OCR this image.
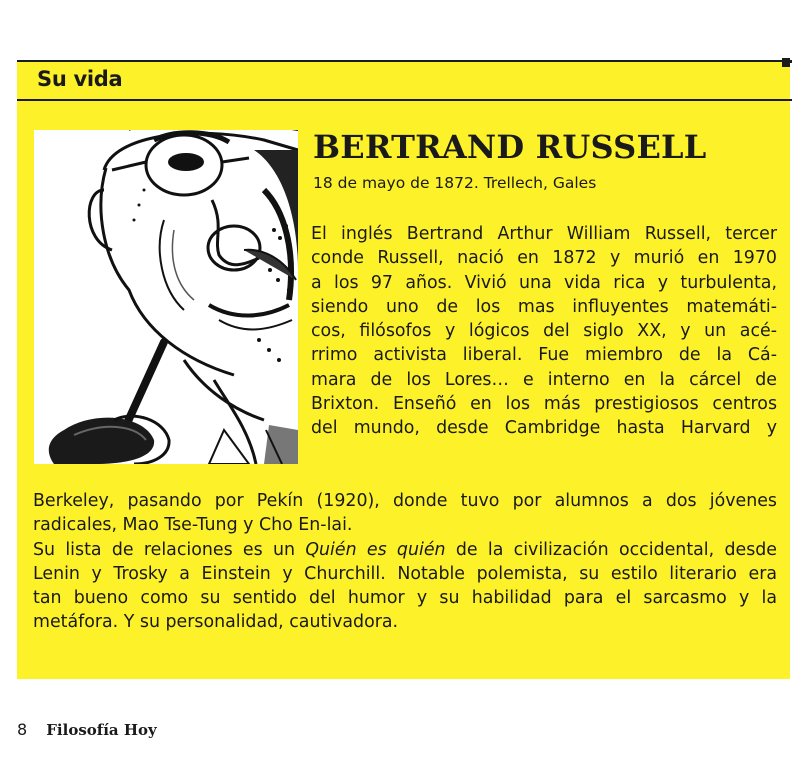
Su vida
BERTRAND RUSSELL
18 de mayo de 1872. Trellech, Gales
El inglés Bertrand Arthur William Russell, tercer
conde Russell, nació en 1872 y murió en 1970
a los 97 años. Vivió una vida rica y turbulenta,
siendo uno de los mas influyentes matemáti-
cos, filósofos y lógicos del siglo XX, y un acé-
rrimo activista liberal. Fue miembro de la Cá-
mara de los Lores… e interno en la cárcel de
Brixton. Enseñó en los más prestigiosos centros
del mundo, desde Cambridge hasta Harvard y
Berkeley, pasando por Pekín (1920), donde tuvo por alumnos a dos jóvenes
radicales, Mao Tse-Tung y Cho En-lai.
Su lista de relaciones es un Quién es quién de la civilización occidental, desde
Lenin y Trosky a Einstein y Churchill. Notable polemista, su estilo literario era
tan bueno como su sentido del humor y su habilidad para el sarcasmo y la
metáfora. Y su personalidad, cautivadora.
8 Filosofía Hoy
